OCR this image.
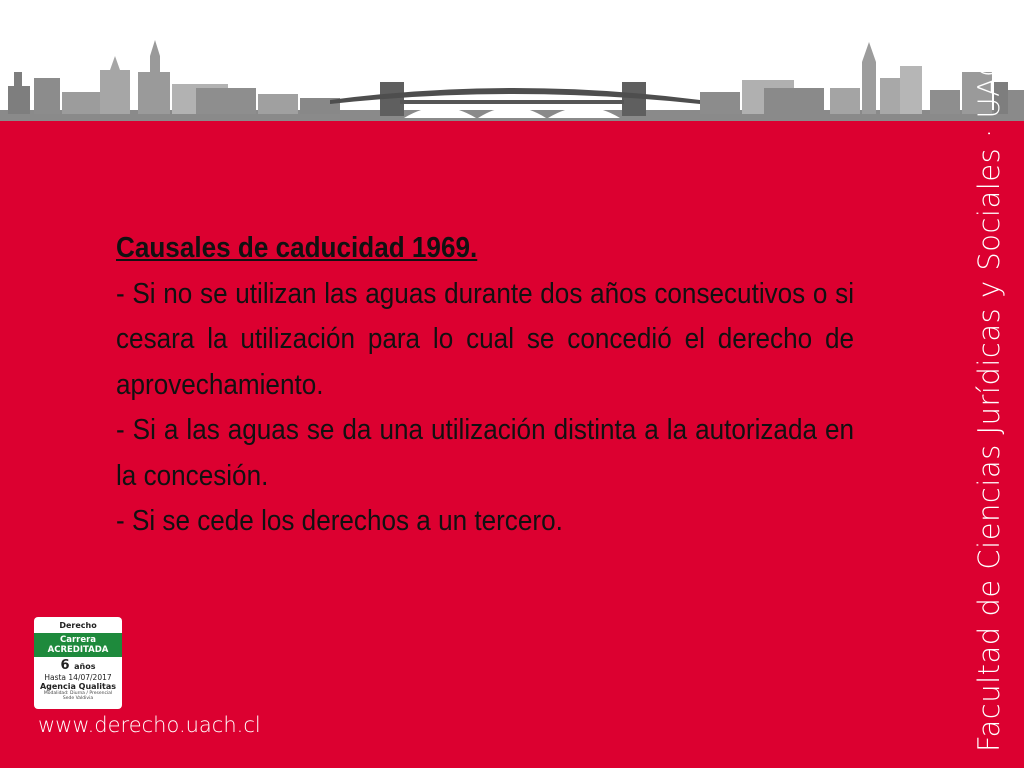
Causales de caducidad 1969.
- Si no se utilizan las aguas durante dos años consecutivos o si cesara la utilización para lo cual se concedió el derecho de aprovechamiento.
- Si a las aguas se da una utilización distinta a la autorizada en la concesión.
- Si se cede los derechos a un tercero.	Facultad de Ciencias Jurídicas y Sociales · UACh
Derecho
Carrera
ACREDITADA
6 años
Hasta 14/07/2017
Agencia Qualitas
Modalidad: Diurna / Presencial
Sede Valdivia
www.derecho.uach.cl
